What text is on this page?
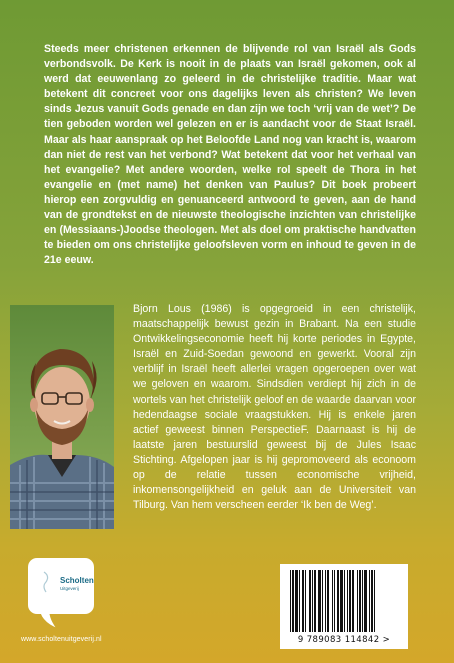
Steeds meer christenen erkennen de blijvende rol van Israël als Gods verbondsvolk. De Kerk is nooit in de plaats van Israël gekomen, ook al werd dat eeuwenlang zo geleerd in de christelijke traditie. Maar wat betekent dit concreet voor ons dagelijks leven als christen? We leven sinds Jezus vanuit Gods genade en dan zijn we toch ‘vrij van de wet’? De tien geboden worden wel gelezen en er is aandacht voor de Staat Israël. Maar als haar aanspraak op het Beloofde Land nog van kracht is, waarom dan niet de rest van het verbond? Wat betekent dat voor het verhaal van het evangelie? Met andere woorden, welke rol speelt de Thora in het evangelie en (met name) het denken van Paulus? Dit boek probeert hierop een zorgvuldig en genuanceerd antwoord te geven, aan de hand van de grondtekst en de nieuwste theologische inzichten van christelijke en (Messiaans-)Joodse theologen. Met als doel om praktische handvatten te bieden om ons christelijke geloofsleven vorm en inhoud te geven in de 21e eeuw.

Bjorn Lous (1986) is opgegroeid in een christelijk, maatschappelijk bewust gezin in Brabant. Na een studie Ontwikkelingseconomie heeft hij korte periodes in Egypte, Israël en Zuid-Soedan gewoond en gewerkt. Vooral zijn verblijf in Israël heeft allerlei vragen opgeroepen over wat we geloven en waarom. Sindsdien verdiept hij zich in de wortels van het christelijk geloof en de waarde daarvan voor hedendaagse sociale vraagstukken. Hij is enkele jaren actief geweest binnen PerspectieF. Daarnaast is hij de laatste jaren bestuurslid geweest bij de Jules Isaac Stichting. Afgelopen jaar is hij gepromoveerd als econoom op de relatie tussen economische vrijheid, inkomensongelijkheid en geluk aan de Universiteit van Tilburg. Van hem verscheen eerder ‘Ik ben de Weg’.

Scholten
Uitgeverij
www.scholtenuitgeverij.nl	9 789083 114842 >
